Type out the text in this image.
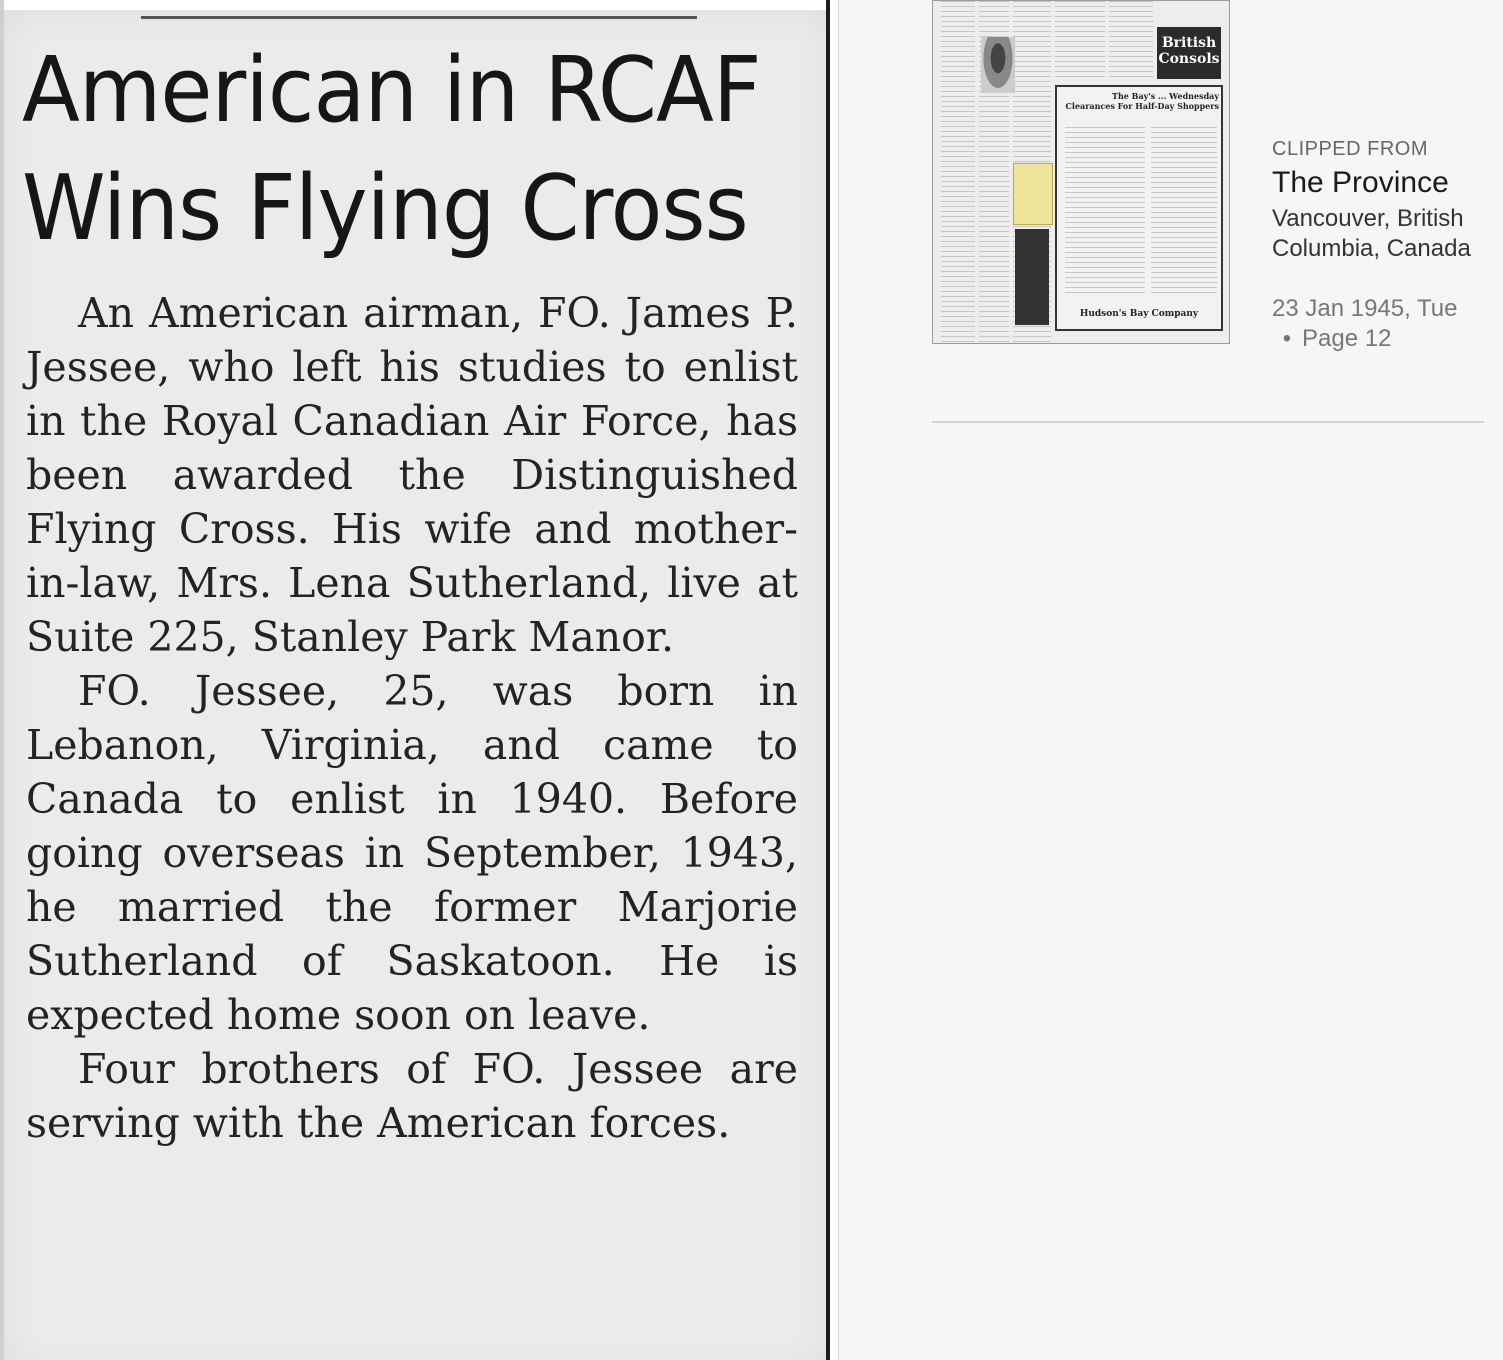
American in RCAF
Wins Flying Cross

An American airman, FO. James P. Jessee, who left his studies to enlist in the Royal Canadian Air Force, has been awarded the Distinguished Flying Cross. His wife and mother-in-law, Mrs. Lena Sutherland, live at Suite 225, Stanley Park Manor.

FO. Jessee, 25, was born in Lebanon, Virginia, and came to Canada to enlist in 1940. Before going overseas in September, 1943, he married the former Marjorie Sutherland of Saskatoon. He is expected home soon on leave.

Four brothers of FO. Jessee are serving with the American forces.

British Consols
The Bay's ... Wednesday Clearances For Half-Day Shoppers
Hudson's Bay Company
CLIPPED FROM
The Province
Vancouver, British Columbia, Canada
23 Jan 1945, Tue
• Page 12
